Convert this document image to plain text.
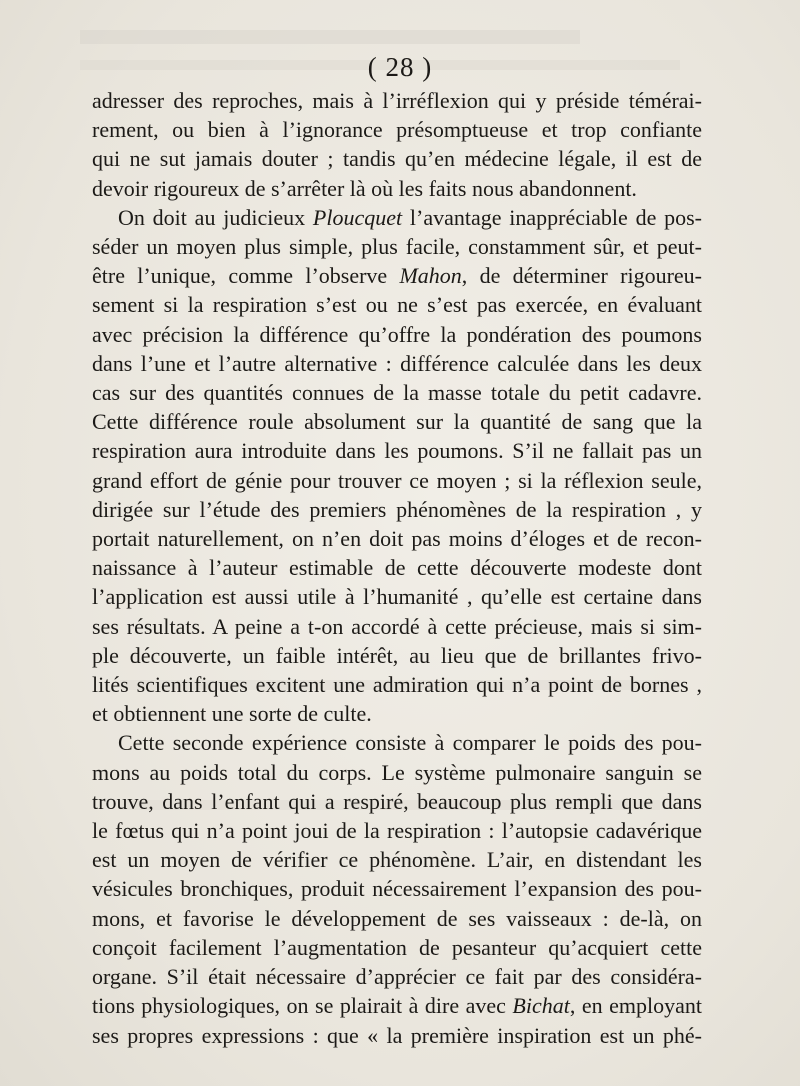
( 28 )
adresser des reproches, mais à l’irréflexion qui y préside témérai-
rement, ou bien à l’ignorance présomptueuse et trop confiante
qui ne sut jamais douter ; tandis qu’en médecine légale, il est de
devoir rigoureux de s’arrêter là où les faits nous abandonnent.
On doit au judicieux Ploucquet l’avantage inappréciable de pos-
séder un moyen plus simple, plus facile, constamment sûr, et peut-
être l’unique, comme l’observe Mahon, de déterminer rigoureu-
sement si la respiration s’est ou ne s’est pas exercée, en évaluant
avec précision la différence qu’offre la pondération des poumons
dans l’une et l’autre alternative : différence calculée dans les deux
cas sur des quantités connues de la masse totale du petit cadavre.
Cette différence roule absolument sur la quantité de sang que la
respiration aura introduite dans les poumons. S’il ne fallait pas un
grand effort de génie pour trouver ce moyen ; si la réflexion seule,
dirigée sur l’étude des premiers phénomènes de la respiration , y
portait naturellement, on n’en doit pas moins d’éloges et de recon-
naissance à l’auteur estimable de cette découverte modeste dont
l’application est aussi utile à l’humanité , qu’elle est certaine dans
ses résultats. A peine a t-on accordé à cette précieuse, mais si sim-
ple découverte, un faible intérêt, au lieu que de brillantes frivo-
lités scientifiques excitent une admiration qui n’a point de bornes ,
et obtiennent une sorte de culte.
Cette seconde expérience consiste à comparer le poids des pou-
mons au poids total du corps. Le système pulmonaire sanguin se
trouve, dans l’enfant qui a respiré, beaucoup plus rempli que dans
le fœtus qui n’a point joui de la respiration : l’autopsie cadavérique
est un moyen de vérifier ce phénomène. L’air, en distendant les
vésicules bronchiques, produit nécessairement l’expansion des pou-
mons, et favorise le développement de ses vaisseaux : de-là, on
conçoit facilement l’augmentation de pesanteur qu’acquiert cette
organe. S’il était nécessaire d’apprécier ce fait par des considéra-
tions physiologiques, on se plairait à dire avec Bichat, en employant
ses propres expressions : que « la première inspiration est un phé-
